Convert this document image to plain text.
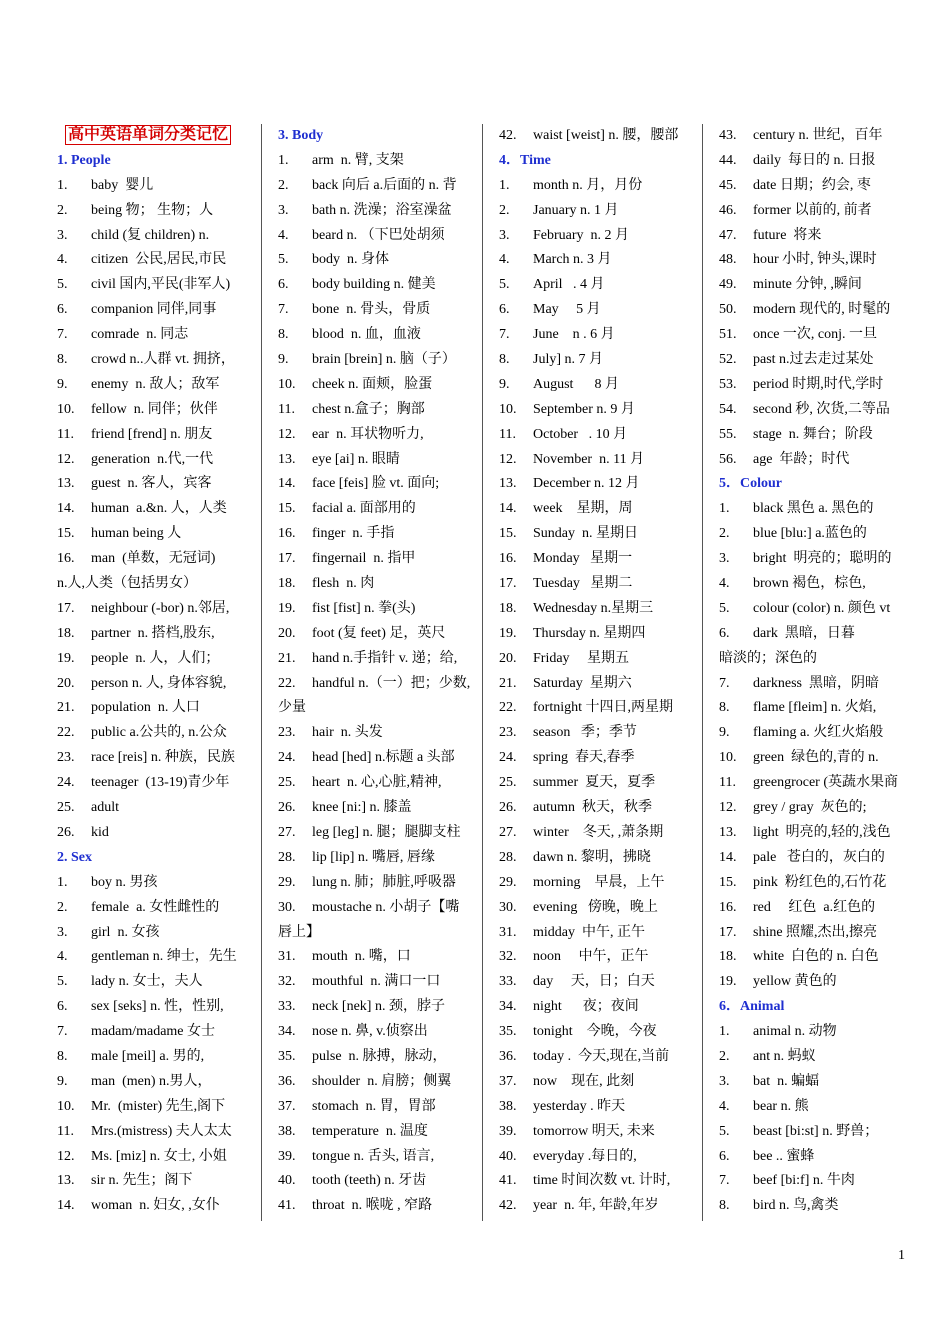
高中英语单词分类记忆
1. People
1. baby  婴儿
2. being 物； 生物；人
3. child (复 children) n.
4. citizen  公民,居民,市民
5. civil 国内,平民(非军人)
6. companion 同伴,同事
7. comrade  n. 同志
8. crowd n..人群 vt. 拥挤，
9. enemy  n. 敌人；敌军
10. fellow  n. 同伴；伙伴
11. friend [frend] n. 朋友
12. generation  n.代,一代
13. guest  n. 客人，宾客
14. human  a.&n. 人，人类
15. human being 人
16. man  (单数，无冠词)
n.人,人类（包括男女）
17. neighbour (-bor) n.邻居,
18. partner  n. 搭档,股东,
19. people  n. 人，人们；
20. person n. 人, 身体容貌,
21. population  n. 人口
22. public a.公共的, n.公众
23. race [reis] n. 种族，民族
24. teenager  (13-19)青少年
25. adult
26. kid
2. Sex
1. boy n. 男孩
2. female  a. 女性雌性的
3. girl  n. 女孩
4. gentleman n. 绅士，先生
5. lady n. 女士，夫人
6. sex [seks] n. 性，性别,
7. madam/madame 女士
8. male [meil] a. 男的,
9. man  (men) n.男人，
10. Mr.  (mister) 先生,阁下
11. Mrs.(mistress) 夫人太太
12. Ms. [miz] n. 女士, 小姐
13. sir n. 先生；阁下
14. woman  n. 妇女, ,女仆
3. Body
1. arm  n. 臂, 支架
2. back 向后 a.后面的 n. 背
3. bath n. 洗澡；浴室澡盆
4. beard n. （下巴处胡须
5. body  n. 身体
6. body building n. 健美
7. bone  n. 骨头，骨质
8. blood  n. 血，血液
9. brain [brein] n. 脑（子）
10. cheek n. 面颊，脸蛋
11. chest n.盒子；胸部
12. ear  n. 耳状物听力,
13. eye [ai] n. 眼睛
14. face [feis] 脸 vt. 面向;
15. facial a. 面部用的
16. finger  n. 手指
17. fingernail  n. 指甲
18. flesh  n. 肉
19. fist [fist] n. 拳(头)
20. foot (复 feet) 足，英尺
21. hand n.手指针 v. 递；给,
22. handful n.（一）把；少数,
少量
23. hair  n. 头发
24. head [hed] n.标题 a 头部
25. heart  n. 心,心脏,精神,
26. knee [ni:] n. 膝盖
27. leg [leg] n. 腿；腿脚支柱
28. lip [lip] n. 嘴唇, 唇缘
29. lung n. 肺；肺脏,呼吸器
30. moustache n. 小胡子【嘴
唇上】
31. mouth  n. 嘴，口
32. mouthful  n. 满口一口
33. neck [nek] n. 颈，脖子
34. nose n. 鼻, v.侦察出
35. pulse  n. 脉搏，脉动，
36. shoulder  n. 肩膀；侧翼
37. stomach  n. 胃，胃部
38. temperature  n. 温度
39. tongue n. 舌头, 语言,
40. tooth (teeth) n. 牙齿
41. throat  n. 喉咙 , 窄路
42. waist [weist] n. 腰，腰部
4．Time
1. month n. 月，月份
2. January n. 1 月
3. February  n. 2 月
4. March n. 3 月
5. April   . 4 月
6. May     5 月
7. June    n . 6 月
8. July] n. 7 月
9. August      8 月
10. September n. 9 月
11. October   . 10 月
12. November  n. 11 月
13. December n. 12 月
14. week    星期，周
15. Sunday  n. 星期日
16. Monday   星期一
17. Tuesday   星期二
18. Wednesday n.星期三
19. Thursday n. 星期四
20. Friday     星期五
21. Saturday  星期六
22. fortnight 十四日,两星期
23. season   季；季节
24. spring  春天,春季
25. summer  夏天，夏季
26. autumn  秋天，秋季
27. winter    冬天, ,萧条期
28. dawn n. 黎明，拂晓
29. morning    早晨，上午
30. evening   傍晚，晚上
31. midday  中午, 正午
32. noon     中午，正午
33. day     天，日；白天
34. night      夜；夜间
35. tonight    今晚，今夜
36. today .  今天,现在,当前
37. now    现在, 此刻
38. yesterday . 昨天
39. tomorrow 明天, 未来
40. everyday .每日的,
41. time 时间次数 vt. 计时,
42. year  n. 年, 年龄,年岁
43. century n. 世纪，百年
44. daily  每日的 n. 日报
45. date 日期；约会, 枣
46. former 以前的, 前者
47. future  将来
48. hour 小时, 钟头,课时
49. minute 分钟, ,瞬间
50. modern 现代的, 时髦的
51. once 一次, conj. 一旦
52. past n.过去走过某处
53. period 时期,时代,学时
54. second 秒, 次货,二等品
55. stage  n. 舞台；阶段
56. age  年龄；时代
5．Colour
1. black 黑色 a. 黑色的
2. blue [blu:] a.蓝色的
3. bright  明亮的；聪明的
4. brown 褐色，棕色,
5. colour (color) n. 颜色 vt
6. dark  黑暗，日暮
暗淡的；深色的
7. darkness  黑暗，阴暗
8. flame [fleim] n. 火焰,
9. flaming a. 火红火焰般
10. green  绿色的,青的 n.
11. greengrocer (英蔬水果商
12. grey / gray  灰色的;
13. light  明亮的,轻的,浅色
14. pale   苍白的，灰白的
15. pink  粉红色的,石竹花
16. red     红色  a.红色的
17. shine 照耀,杰出,擦亮
18. white  白色的 n. 白色
19. yellow 黄色的
6．Animal
1. animal n. 动物
2. ant n. 蚂蚁
3. bat  n. 蝙蝠
4. bear n. 熊
5. beast [bi:st] n. 野兽；
6. bee .. 蜜蜂
7. beef [bi:f] n. 牛肉
8. bird n. 鸟,禽类
1
